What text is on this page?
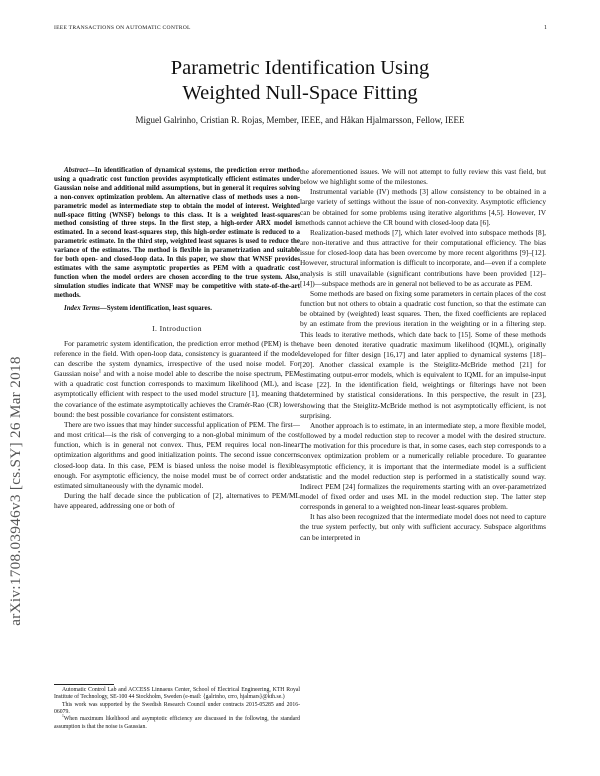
IEEE TRANSACTIONS ON AUTOMATIC CONTROL	1
Parametric Identification Using
Weighted Null-Space Fitting
Miguel Galrinho, Cristian R. Rojas, Member, IEEE, and Håkan Hjalmarsson, Fellow, IEEE
arXiv:1708.03946v3 [cs.SY] 26 Mar 2018

Abstract—In identification of dynamical systems, the prediction error method using a quadratic cost function provides asymptotically efficient estimates under Gaussian noise and additional mild assumptions, but in general it requires solving a non-convex optimization problem. An alternative class of methods uses a non-parametric model as intermediate step to obtain the model of interest. Weighted null-space fitting (WNSF) belongs to this class. It is a weighted least-squares method consisting of three steps. In the first step, a high-order ARX model is estimated. In a second least-squares step, this high-order estimate is reduced to a parametric estimate. In the third step, weighted least squares is used to reduce the variance of the estimates. The method is flexible in parametrization and suitable for both open- and closed-loop data. In this paper, we show that WNSF provides estimates with the same asymptotic properties as PEM with a quadratic cost function when the model orders are chosen according to the true system. Also, simulation studies indicate that WNSF may be competitive with state-of-the-art methods.

Index Terms—System identification, least squares.

I. Introduction

For parametric system identification, the prediction error method (PEM) is the reference in the field. With open-loop data, consistency is guaranteed if the model can describe the system dynamics, irrespective of the used noise model. For Gaussian noise$^1$ and with a noise model able to describe the noise spectrum, PEM with a quadratic cost function corresponds to maximum likelihood (ML), and is asymptotically efficient with respect to the used model structure [1], meaning that the covariance of the estimate asymptotically achieves the Cramér-Rao (CR) lower bound: the best possible covariance for consistent estimators.

There are two issues that may hinder successful application of PEM. The first—and most critical—is the risk of converging to a non-global minimum of the cost function, which is in general not convex. Thus, PEM requires local non-linear optimization algorithms and good initialization points. The second issue concerns closed-loop data. In this case, PEM is biased unless the noise model is flexible enough. For asymptotic efficiency, the noise model must be of correct order and estimated simultaneously with the dynamic model.

During the half decade since the publication of [2], alternatives to PEM/ML have appeared, addressing one or both of

Automatic Control Lab and ACCESS Linnaeus Center, School of Electrical Engineering, KTH Royal Institute of Technology, SE-100 44 Stockholm, Sweden (e-mail: {galrinho, crro, hjalmars}@kth.se.)

This work was supported by the Swedish Research Council under contracts 2015-05285 and 2016-06079.

$^1$When maximum likelihood and asymptotic efficiency are discussed in the following, the standard assumption is that the noise is Gaussian.

the aforementioned issues. We will not attempt to fully review this vast field, but below we highlight some of the milestones.

Instrumental variable (IV) methods [3] allow consistency to be obtained in a large variety of settings without the issue of non-convexity. Asymptotic efficiency can be obtained for some problems using iterative algorithms [4,5]. However, IV methods cannot achieve the CR bound with closed-loop data [6].

Realization-based methods [7], which later evolved into subspace methods [8], are non-iterative and thus attractive for their computational efficiency. The bias issue for closed-loop data has been overcome by more recent algorithms [9]–[12]. However, structural information is difficult to incorporate, and—even if a complete analysis is still unavailable (significant contributions have been provided [12]–[14])—subspace methods are in general not believed to be as accurate as PEM.

Some methods are based on fixing some parameters in certain places of the cost function but not others to obtain a quadratic cost function, so that the estimate can be obtained by (weighted) least squares. Then, the fixed coefficients are replaced by an estimate from the previous iteration in the weighting or in a filtering step. This leads to iterative methods, which date back to [15]. Some of these methods have been denoted iterative quadratic maximum likelihood (IQML), originally developed for filter design [16,17] and later applied to dynamical systems [18]–[20]. Another classical example is the Steiglitz-McBride method [21] for estimating output-error models, which is equivalent to IQML for an impulse-input case [22]. In the identification field, weightings or filterings have not been determined by statistical considerations. In this perspective, the result in [23], showing that the Steiglitz-McBride method is not asymptotically efficient, is not surprising.

Another approach is to estimate, in an intermediate step, a more flexible model, followed by a model reduction step to recover a model with the desired structure. The motivation for this procedure is that, in some cases, each step corresponds to a convex optimization problem or a numerically reliable procedure. To guarantee asymptotic efficiency, it is important that the intermediate model is a sufficient statistic and the model reduction step is performed in a statistically sound way. Indirect PEM [24] formalizes the requirements starting with an over-parametrized model of fixed order and uses ML in the model reduction step. The latter step corresponds in general to a weighted non-linear least-squares problem.

It has also been recognized that the intermediate model does not need to capture the true system perfectly, but only with sufficient accuracy. Subspace algorithms can be interpreted in
